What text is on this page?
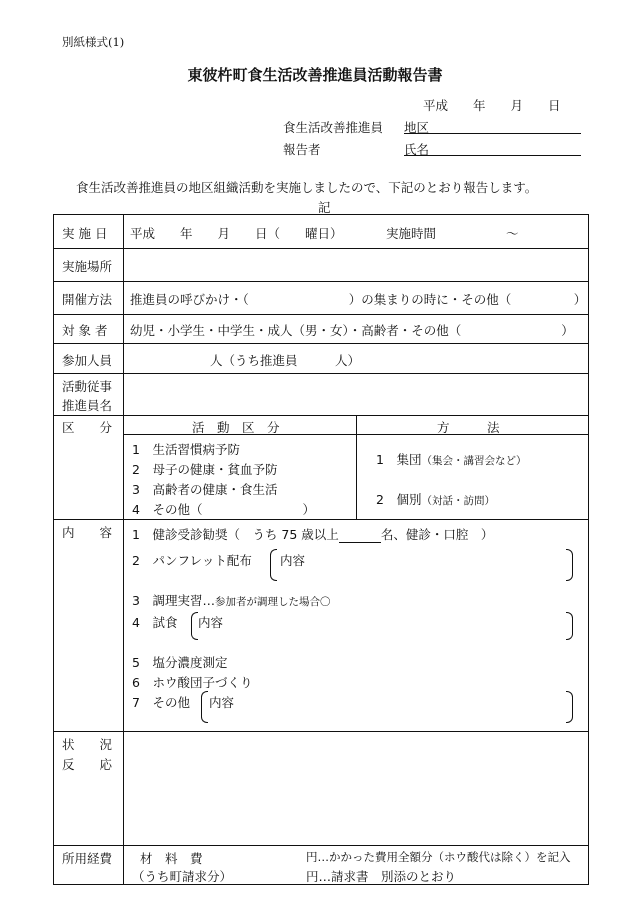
別紙様式(1)
東彼杵町食生活改善推進員活動報告書
平成　　年　　月　　日
食生活改善推進員 地区
報告者	氏名
食生活改善推進員の地区組織活動を実施しましたので、下記のとおり報告します。
記
実 施 日 平成　　年　　月　　日（　　曜日）	実施時間	～
実施場所
開催方法 推進員の呼びかけ・（　　　　　　　　）の集まりの時に・その他（　　　　　）
対 象 者 幼児・小学生・中学生・成人（男・女）・高齢者・その他（　　　　　　　　）
参加人員	人（うち推進員　　　人）
活動従事
推進員名
区　　分	活　動　区　分	方　　　法
1　生活習慣病予防
2　母子の健康・貧血予防
3　高齢者の健康・食生活
4　その他（　　　　　　　　）
1　集団（集会・講習会など）
2　個別（対話・訪問）
内　　容 1　健診受診勧奨（　うち 75 歳以上	名、健診・口腔　）
2　パンフレット配布 内容
3　調理実習…参加者が調理した場合〇
4　試食 内容
5　塩分濃度測定
6　ホウ酸団子づくり
7　その他 内容
状　　況
反　　応
所用経費 材　料　費	円…かかった費用全額分（ホウ酸代は除く）を記入
（うち町請求分）	円…請求書　別添のとおり
